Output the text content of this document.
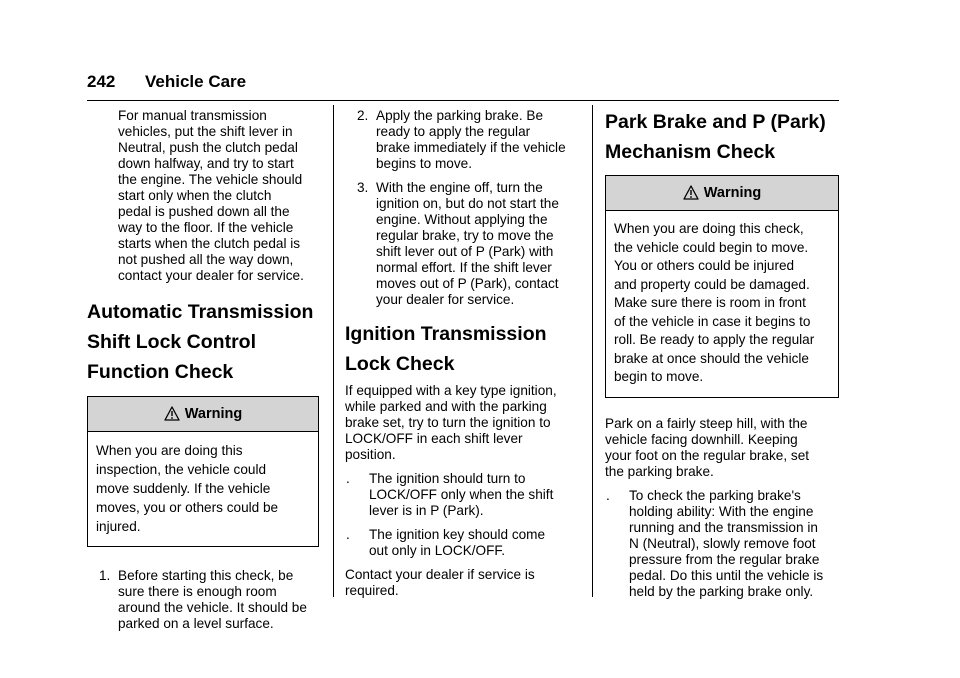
242 Vehicle Care

For manual transmission

vehicles, put the shift lever in

Neutral, push the clutch pedal

down halfway, and try to start

the engine. The vehicle should

start only when the clutch

pedal is pushed down all the

way to the floor. If the vehicle

starts when the clutch pedal is

not pushed all the way down,

contact your dealer for service.

Automatic Transmission
Shift Lock Control
Function Check
Warning

When you are doing this

inspection, the vehicle could

move suddenly. If the vehicle

moves, you or others could be

injured.

1. Before starting this check, be

sure there is enough room

around the vehicle. It should be

parked on a level surface.

2. Apply the parking brake. Be

ready to apply the regular

brake immediately if the vehicle

begins to move.

3. With the engine off, turn the

ignition on, but do not start the

engine. Without applying the

regular brake, try to move the

shift lever out of P (Park) with

normal effort. If the shift lever

moves out of P (Park), contact

your dealer for service.

Ignition Transmission
Lock Check

If equipped with a key type ignition,

while parked and with the parking

brake set, try to turn the ignition to

LOCK/OFF in each shift lever

position.

. The ignition should turn to

LOCK/OFF only when the shift

lever is in P (Park).

. The ignition key should come

out only in LOCK/OFF.

Contact your dealer if service is

required.

Park Brake and P (Park)
Mechanism Check
Warning

When you are doing this check,

the vehicle could begin to move.

You or others could be injured

and property could be damaged.

Make sure there is room in front

of the vehicle in case it begins to

roll. Be ready to apply the regular

brake at once should the vehicle

begin to move.

Park on a fairly steep hill, with the

vehicle facing downhill. Keeping

your foot on the regular brake, set

the parking brake.

. To check the parking brake's

holding ability: With the engine

running and the transmission in

N (Neutral), slowly remove foot

pressure from the regular brake

pedal. Do this until the vehicle is

held by the parking brake only.
